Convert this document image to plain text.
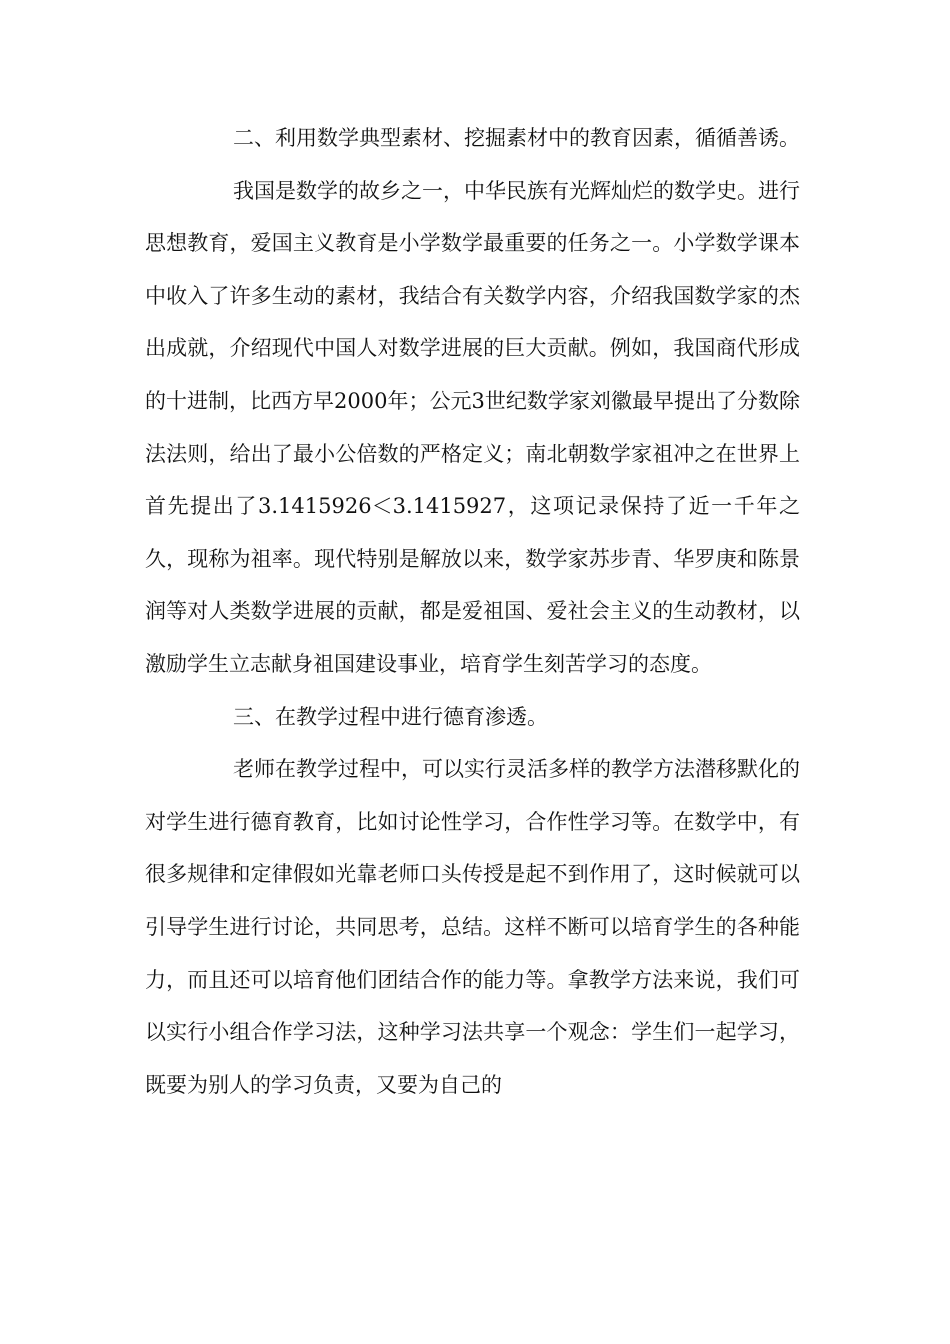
二、利用数学典型素材、挖掘素材中的教育因素，循循善诱。

我国是数学的故乡之一，中华民族有光辉灿烂的数学史。进行思想教育，爱国主义教育是小学数学最重要的任务之一。小学数学课本中收入了许多生动的素材，我结合有关数学内容，介绍我国数学家的杰出成就，介绍现代中国人对数学进展的巨大贡献。例如，我国商代形成的十进制，比西方早2000年；公元3世纪数学家刘徽最早提出了分数除法法则，给出了最小公倍数的严格定义；南北朝数学家祖冲之在世界上首先提出了3.1415926＜3.1415927，这项记录保持了近一千年之久，现称为祖率。现代特别是解放以来，数学家苏步青、华罗庚和陈景润等对人类数学进展的贡献，都是爱祖国、爱社会主义的生动教材，以激励学生立志献身祖国建设事业，培育学生刻苦学习的态度。

三、在教学过程中进行德育渗透。

老师在教学过程中，可以实行灵活多样的教学方法潜移默化的对学生进行德育教育，比如讨论性学习，合作性学习等。在数学中，有很多规律和定律假如光靠老师口头传授是起不到作用了，这时候就可以引导学生进行讨论，共同思考，总结。这样不断可以培育学生的各种能力，而且还可以培育他们团结合作的能力等。拿教学方法来说，我们可以实行小组合作学习法，这种学习法共享一个观念：学生们一起学习，既要为别人的学习负责，又要为自己的
